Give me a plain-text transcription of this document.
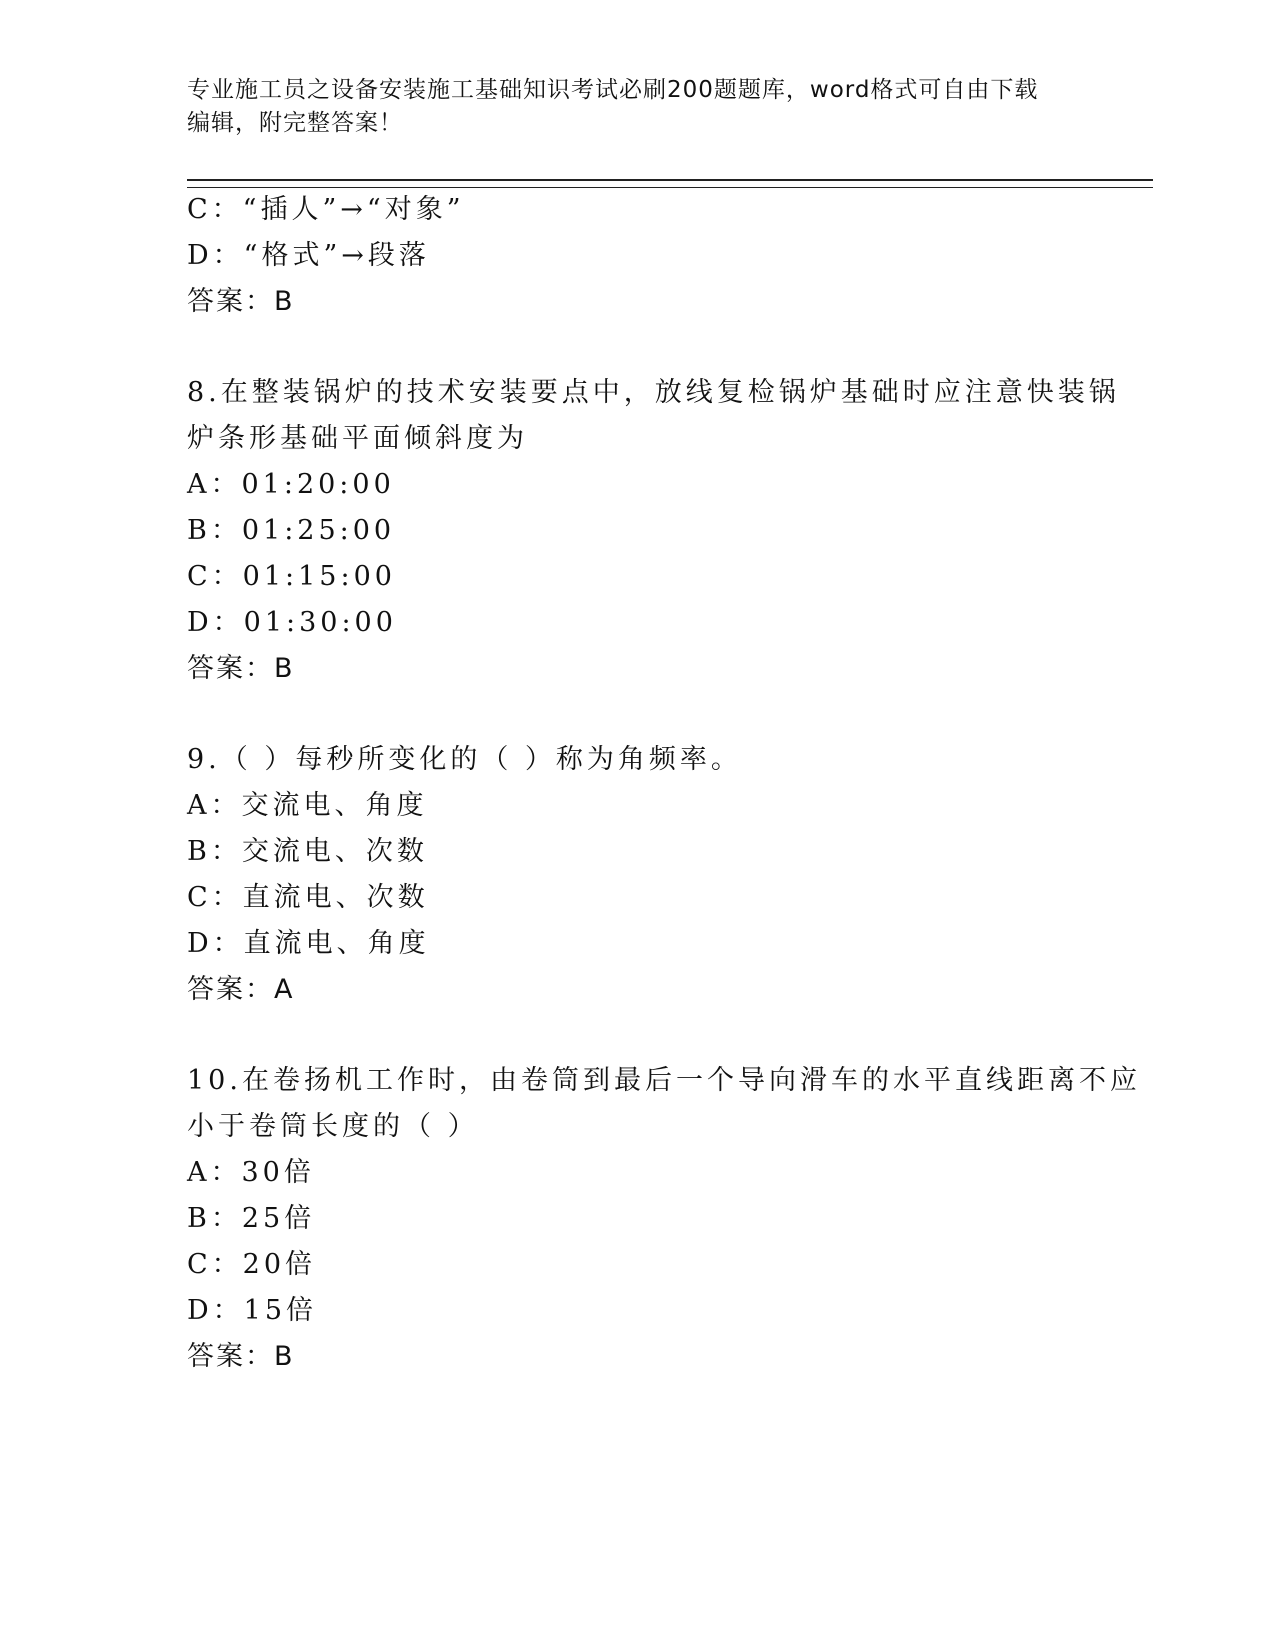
专业施工员之设备安装施工基础知识考试必刷200题题库，word格式可自由下载
编辑，附完整答案！
C：“插人”→“对象”
D：“格式”→段落
答案：B
8.在整装锅炉的技术安装要点中，放线复检锅炉基础时应注意快装锅
炉条形基础平面倾斜度为
A：01:20:00
B：01:25:00
C：01:15:00
D：01:30:00
答案：B
9.（ ）每秒所变化的（ ）称为角频率。
A：交流电、角度
B：交流电、次数
C：直流电、次数
D：直流电、角度
答案：A
10.在卷扬机工作时，由卷筒到最后一个导向滑车的水平直线距离不应
小于卷筒长度的（ ）
A：30倍
B：25倍
C：20倍
D：15倍
答案：B
